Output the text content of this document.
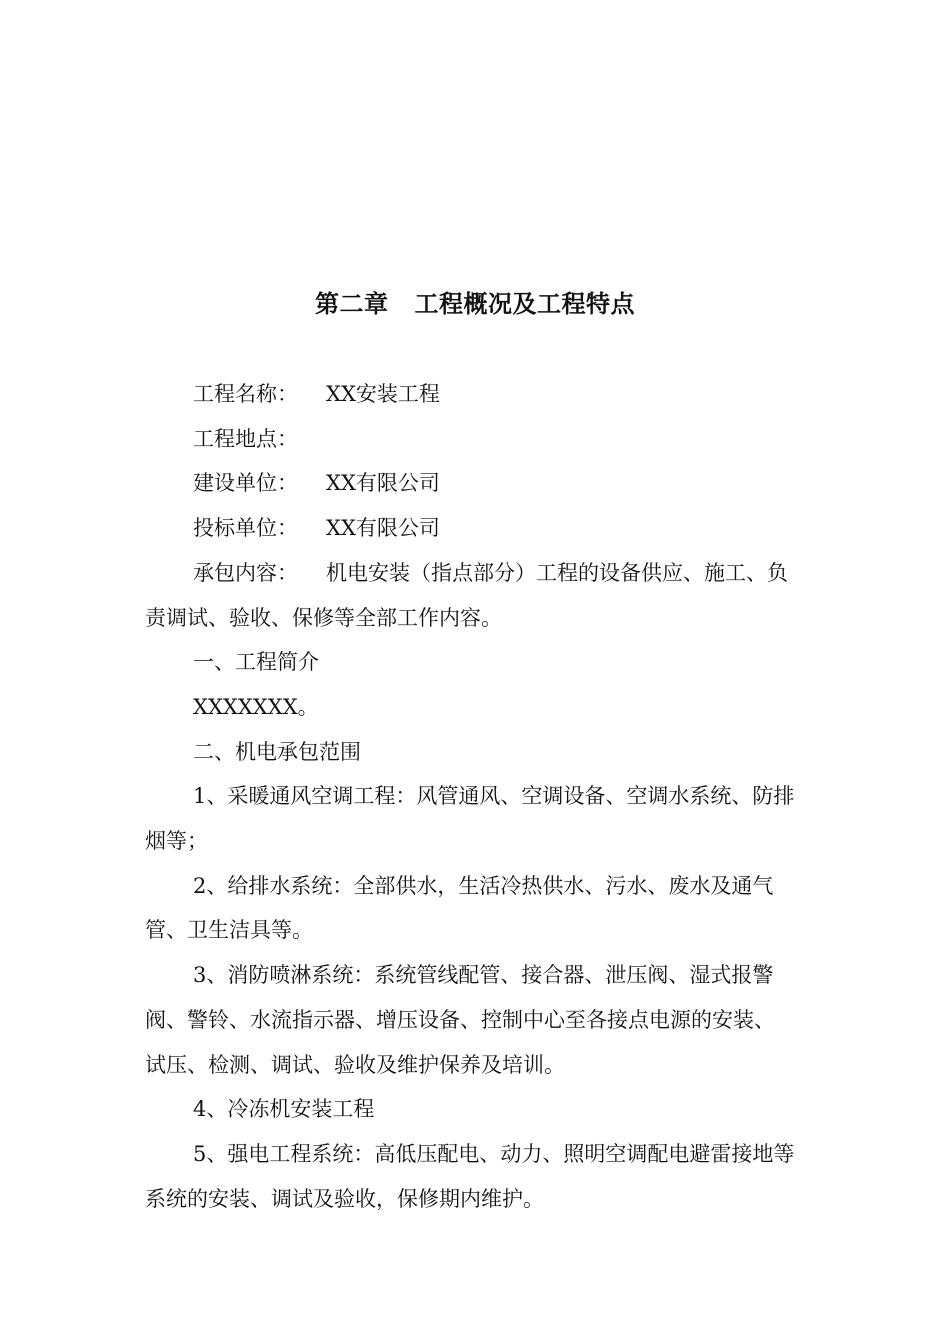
第二章 工程概况及工程特点
工程名称： XX安装工程
工程地点：
建设单位： XX有限公司
投标单位： XX有限公司

承包内容： 机电安装（指点部分）工程的设备供应、施工、负责调试、验收、保修等全部工作内容。

一、工程简介

XXXXXXX。

二、机电承包范围

1、采暖通风空调工程：风管通风、空调设备、空调水系统、防排烟等；

2、给排水系统：全部供水，生活冷热供水、污水、废水及通气管、卫生洁具等。

3、消防喷淋系统：系统管线配管、接合器、泄压阀、湿式报警阀、警铃、水流指示器、增压设备、控制中心至各接点电源的安装、试压、检测、调试、验收及维护保养及培训。

4、冷冻机安装工程

5、强电工程系统：高低压配电、动力、照明空调配电避雷接地等系统的安装、调试及验收，保修期内维护。
